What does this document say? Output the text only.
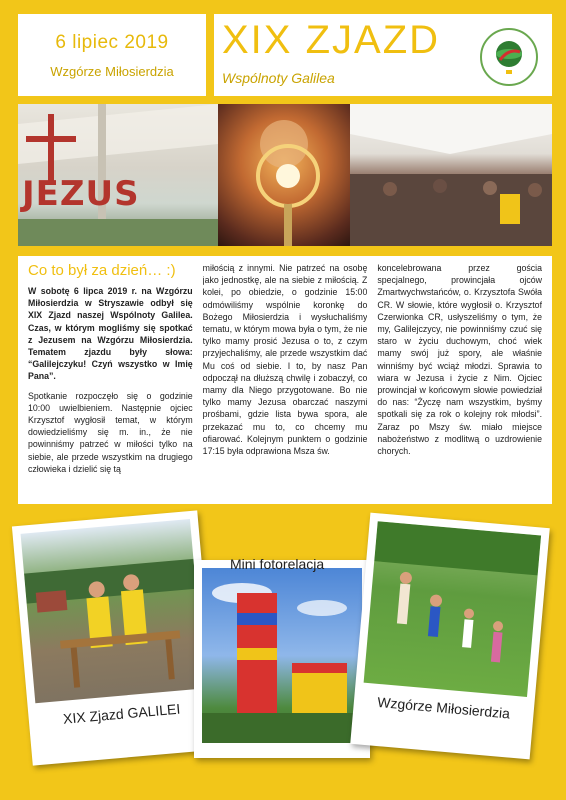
6 lipiec 2019
Wzgórze Miłosierdzia
XIX ZJAZD
Wspólnoty Galilea
JEZUS
Co to był za dzień… :)

W sobotę 6 lipca 2019 r. na Wzgórzu Miłosierdzia w Stryszawie odbył się XIX Zjazd naszej Wspólnoty Galilea. Czas, w którym mogliśmy się spotkać z Jezusem na Wzgórzu Miłosierdzia. Tematem zjazdu były słowa: “Galilejczyku! Czyń wszystko w Imię Pana”.

Spotkanie rozpoczęło się o godzinie 10:00 uwielbieniem. Następnie ojciec Krzysztof wygłosił temat, w którym dowiedzieliśmy się m. in., że nie powinniśmy patrzeć w miłości tylko na siebie, ale przede wszystkim na drugiego człowieka i dzielić się tą

miłością z innymi. Nie patrzeć na osobę jako jednostkę, ale na siebie z miłością. Z kolei, po obiedzie, o godzinie 15:00 odmówiliśmy wspólnie koronkę do Bożego Miłosierdzia i wysłuchaliśmy tematu, w którym mowa była o tym, że nie tylko mamy prosić Jezusa o to, z czym przyjechaliśmy, ale przede wszystkim dać Mu coś od siebie. I to, by nasz Pan odpoczął na dłuższą chwilę i zobaczył, co mamy dla Niego przygotowane. Bo nie tylko mamy Jezusa obarczać naszymi prośbami, gdzie lista bywa spora, ale przekazać mu to, co chcemy mu ofiarować. Kolejnym punktem o godzinie 17:15 była odprawiona Msza św.

koncelebrowana przez gościa specjalnego, prowincjała ojców Zmartwychwstańców, o. Krzysztofa Swóła CR. W słowie, które wygłosił o. Krzysztof Czerwionka CR, usłyszeliśmy o tym, że my, Galilejczycy, nie powinniśmy czuć się staro w życiu duchowym, choć wiek mamy swój już spory, ale właśnie winniśmy być wciąż młodzi. Sprawia to wiara w Jezusa i życie z Nim. Ojciec prowincjał w końcowym słowie powiedział do nas: “Życzę nam wszystkim, byśmy spotkali się za rok o kolejny rok młodsi”. Zaraz po Mszy św. miało miejsce nabożeństwo z modlitwą o uzdrowienie chorych.

XIX Zjazd GALILEI
Mini fotorelacja
Wzgórze Miłosierdzia
